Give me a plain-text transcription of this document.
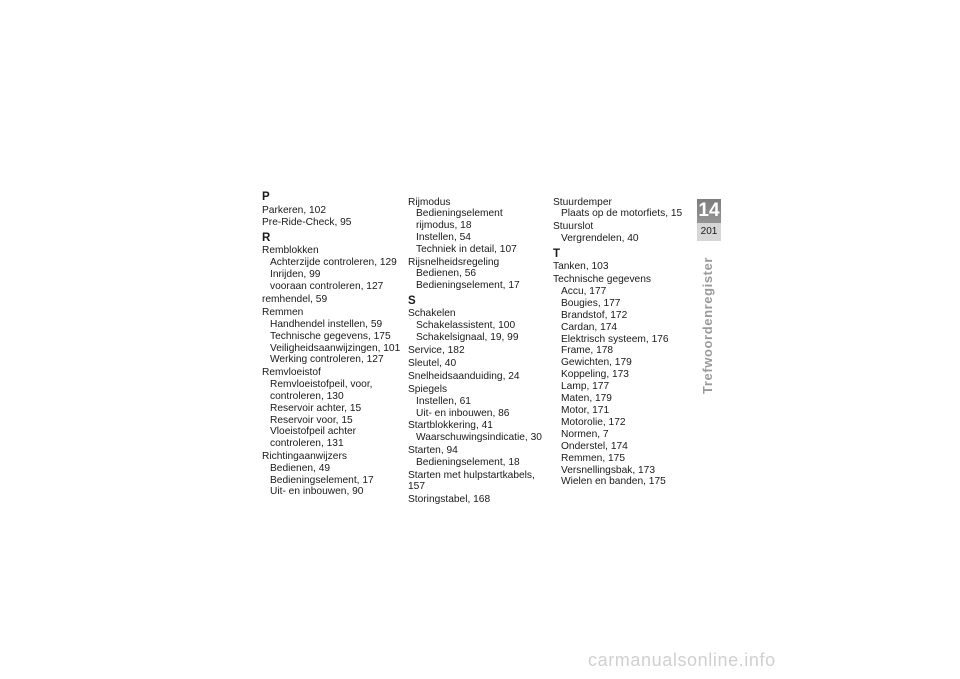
P
Parkeren, 102
Pre-Ride-Check, 95
R
Remblokken
Achterzijde controleren, 129
Inrijden, 99
vooraan controleren, 127
remhendel, 59
Remmen
Handhendel instellen, 59
Technische gegevens, 175
Veiligheidsaanwijzingen, 101
Werking controleren, 127
Remvloeistof
Remvloeistofpeil, voor,
controleren, 130
Reservoir achter, 15
Reservoir voor, 15
Vloeistofpeil achter
controleren, 131
Richtingaanwijzers
Bedienen, 49
Bedieningselement, 17
Uit- en inbouwen, 90
Rijmodus
Bedieningselement
rijmodus, 18
Instellen, 54
Techniek in detail, 107
Rijsnelheidsregeling
Bedienen, 56
Bedieningselement, 17
S
Schakelen
Schakelassistent, 100
Schakelsignaal, 19, 99
Service, 182
Sleutel, 40
Snelheidsaanduiding, 24
Spiegels
Instellen, 61
Uit- en inbouwen, 86
Startblokkering, 41
Waarschuwingsindicatie, 30
Starten, 94
Bedieningselement, 18
Starten met hulpstartkabels, 157
Storingstabel, 168
Stuurdemper
Plaats op de motorfiets, 15
Stuurslot
Vergrendelen, 40
T
Tanken, 103
Technische gegevens
Accu, 177
Bougies, 177
Brandstof, 172
Cardan, 174
Elektrisch systeem, 176
Frame, 178
Gewichten, 179
Koppeling, 173
Lamp, 177
Maten, 179
Motor, 171
Motorolie, 172
Normen, 7
Onderstel, 174
Remmen, 175
Versnellingsbak, 173
Wielen en banden, 175
14
201
Trefwoordenregister
carmanualsonline.info
